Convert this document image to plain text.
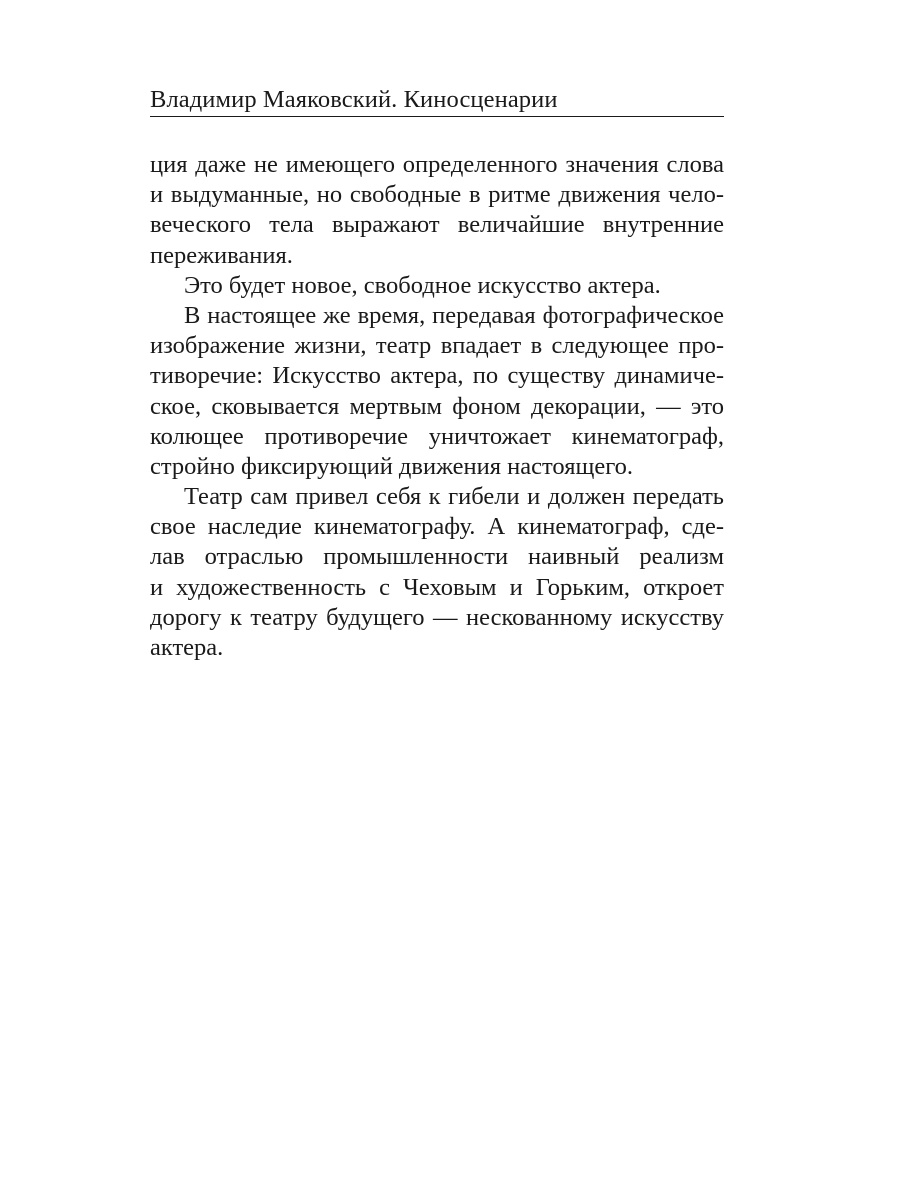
Владимир Маяковский. Киносценарии
ция даже не имеющего определенного значения слова
и выдуманные, но свободные в ритме движения чело-
веческого тела выражают величайшие внутренние
переживания.
Это будет новое, свободное искусство актера.
В настоящее же время, передавая фотографическое
изображение жизни, театр впадает в следующее про-
тиворечие: Искусство актера, по существу динамиче-
ское, сковывается мертвым фоном декорации, — это
колющее противоречие уничтожает кинематограф,
стройно фиксирующий движения настоящего.
Театр сам привел себя к гибели и должен передать
свое наследие кинематографу. А кинематограф, сде-
лав отраслью промышленности наивный реализм
и художественность с Чеховым и Горьким, откроет
дорогу к театру будущего — нескованному искусству
актера.
